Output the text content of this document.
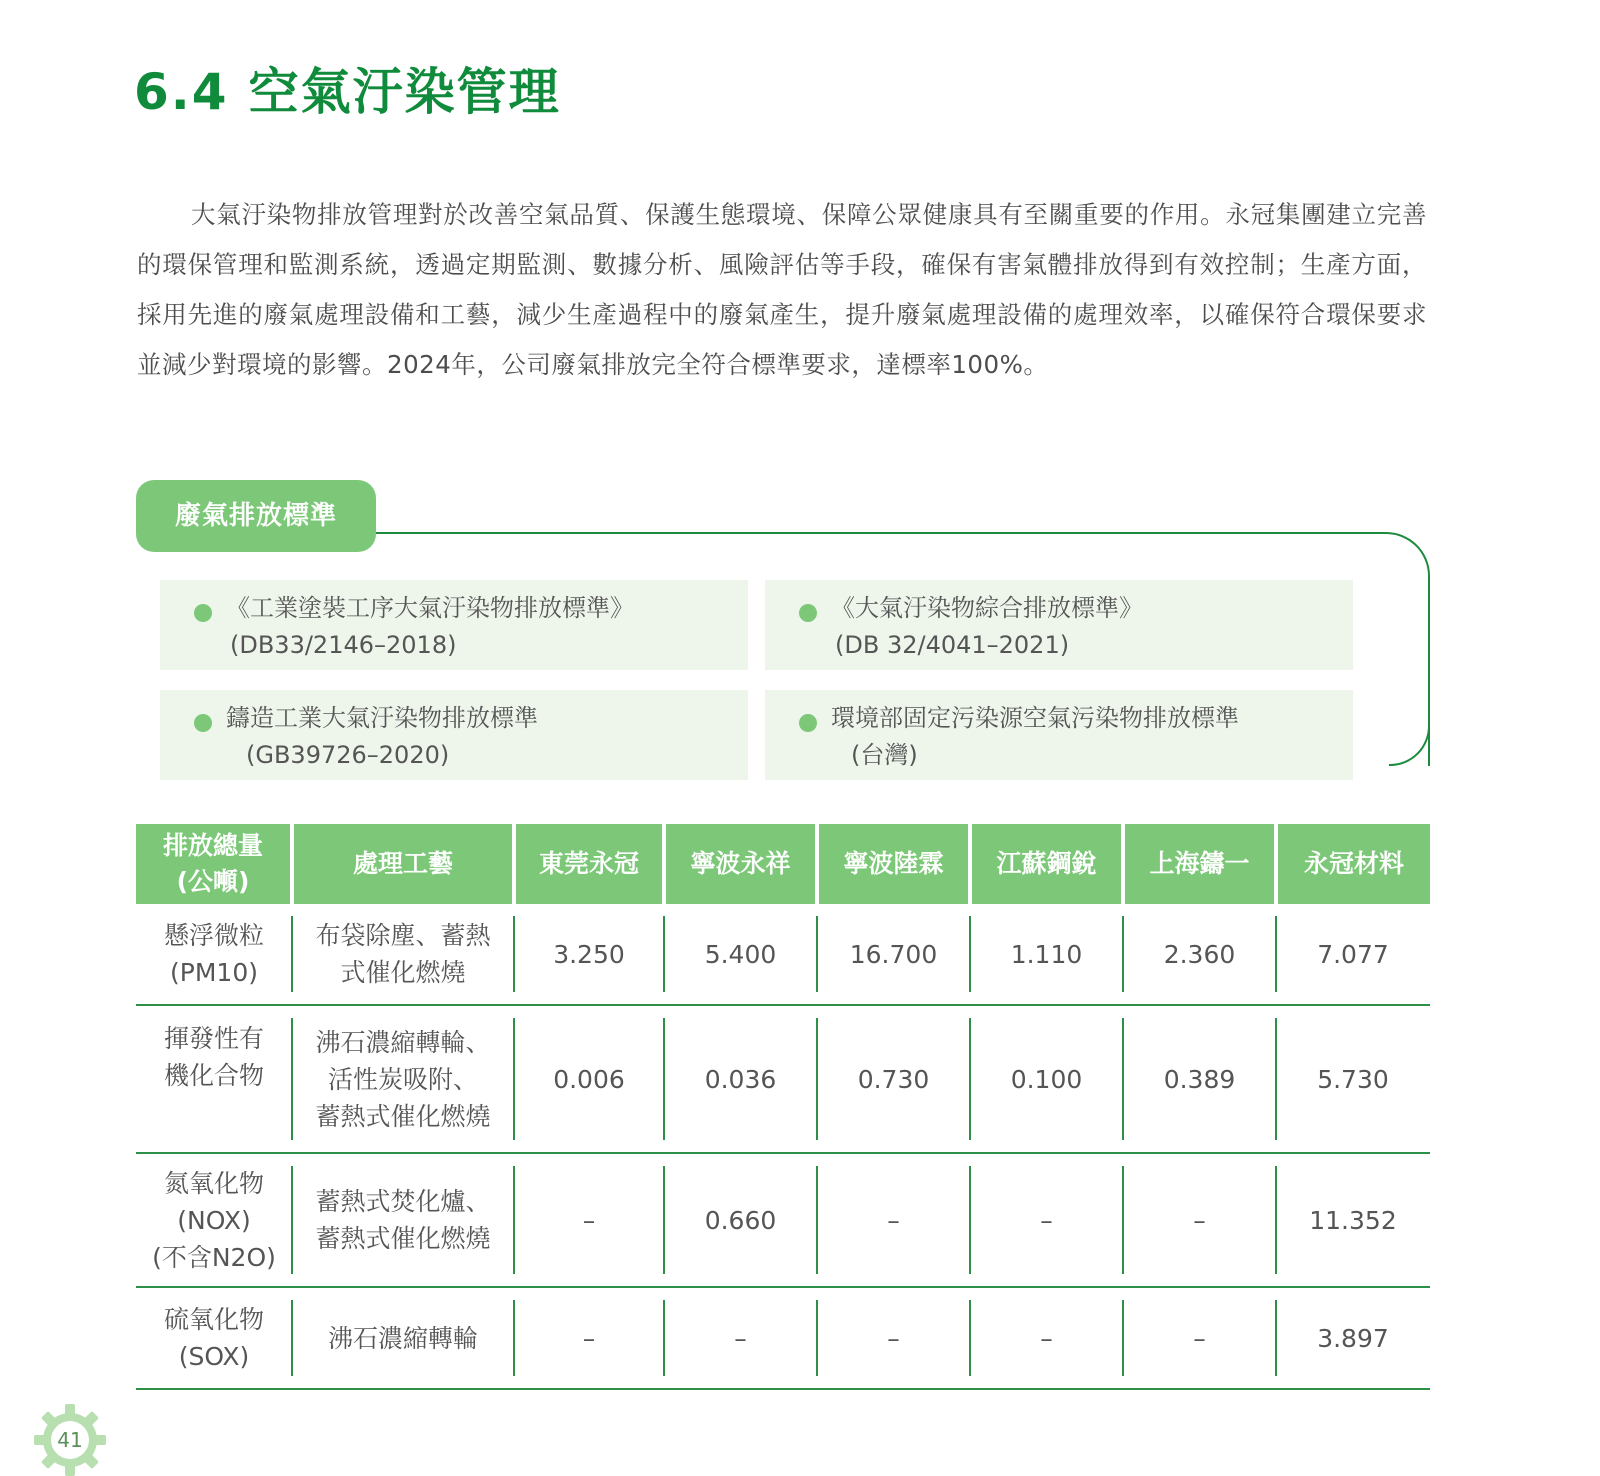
6.4 空氣汙染管理

大氣汙染物排放管理對於改善空氣品質、保護生態環境、保障公眾健康具有至關重要的作用。永冠集團建立完善的環保管理和監測系統，透過定期監測、數據分析、風險評估等手段，確保有害氣體排放得到有效控制；生產方面，採用先進的廢氣處理設備和工藝，減少生產過程中的廢氣產生，提升廢氣處理設備的處理效率，以確保符合環保要求並減少對環境的影響。2024年，公司廢氣排放完全符合標準要求，達標率100%。

廢氣排放標準
《工業塗裝工序大氣汙染物排放標準》
(DB33/2146–2018)
《大氣汙染物綜合排放標準》
(DB 32/4041–2021)
鑄造工業大氣汙染物排放標準
(GB39726–2020)
環境部固定污染源空氣污染物排放標準
(台灣)
排放總量
(公噸)	處理工藝	東莞永冠	寧波永祥	寧波陸霖	江蘇鋼銳	上海鑄一	永冠材料
懸浮微粒
(PM10)	布袋除塵、蓄熱
式催化燃燒	3.250	5.400	16.700	1.110	2.360	7.077
揮發性有
機化合物	沸石濃縮轉輪、
活性炭吸附、
蓄熱式催化燃燒	0.006	0.036	0.730	0.100	0.389	5.730
氮氧化物
(NOX)
(不含N2O)	蓄熱式焚化爐、
蓄熱式催化燃燒	–	0.660	–	–	–	11.352
硫氧化物
(SOX)	沸石濃縮轉輪	–	–	–	–	–	3.897
41
